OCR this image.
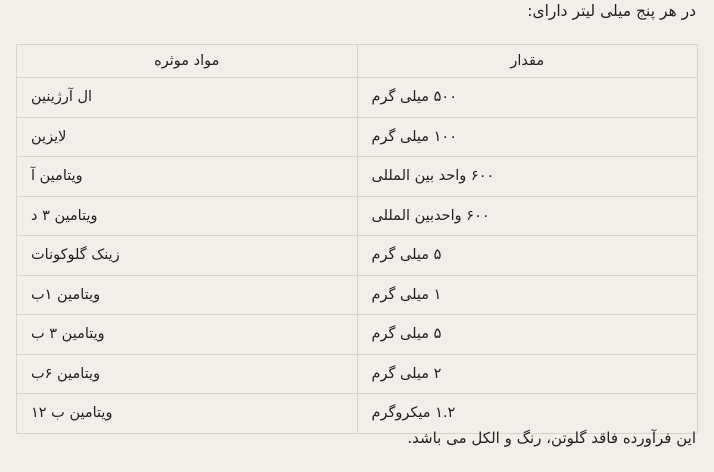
در هر پنج میلی لیتر دارای:
مقدار	مواد موثره

۵۰۰ میلی گرم	ال آرژینین

۱۰۰ میلی گرم	لایزین

۶۰۰ واحد بین المللی	ویتامین آ

۶۰۰ واحدبین المللی	ویتامین ۳ د

۵ میلی گرم	زینک گلوکونات

۱ میلی گرم	ویتامین ۱ب

۵ میلی گرم	ویتامین ۳ ب

۲ میلی گرم	ویتامین ۶ب

۱.۲ میکروگرم	ویتامین ب ۱۲
این فرآورده فاقد گلوتن، رنگ و الکل می باشد.
